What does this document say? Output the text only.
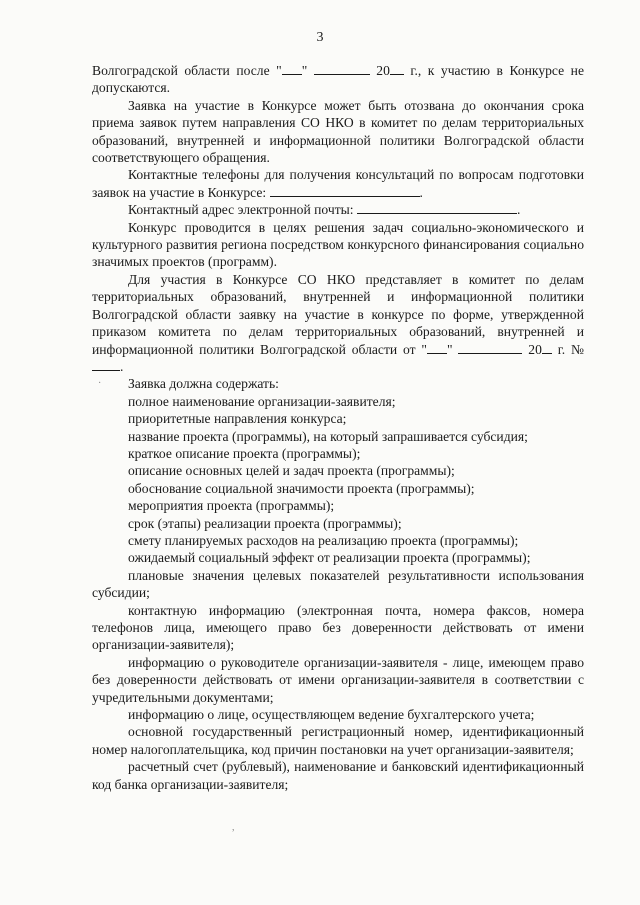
3

Волгоградской области после " "	20 г., к участию в Конкурсе не допускаются.

Заявка на участие в Конкурсе может быть отозвана до окончания срока приема заявок путем направления СО НКО в комитет по делам территориальных образований, внутренней и информационной политики Волгоградской области соответствующего обращения.

Контактные телефоны для получения консультаций по вопросам подготовки заявок на участие в Конкурсе:	.

Контактный адрес электронной почты:	.

Конкурс проводится в целях решения задач социально-экономического и культурного развития региона посредством конкурсного финансирования социально значимых проектов (программ).

Для участия в Конкурсе СО НКО представляет в комитет по делам территориальных образований, внутренней и информационной политики Волгоградской области заявку на участие в конкурсе по форме, утвержденной приказом комитета по делам территориальных образований, внутренней и информационной политики Волгоградской области от " "	20 г. № .

Заявка должна содержать:

полное наименование организации-заявителя;

приоритетные направления конкурса;

название проекта (программы), на который запрашивается субсидия;

краткое описание проекта (программы);

описание основных целей и задач проекта (программы);

обоснование социальной значимости проекта (программы);

мероприятия проекта (программы);

срок (этапы) реализации проекта (программы);

смету планируемых расходов на реализацию проекта (программы);

ожидаемый социальный эффект от реализации проекта (программы);

плановые значения целевых показателей результативности использования субсидии;

контактную информацию (электронная почта, номера факсов, номера телефонов лица, имеющего право без доверенности действовать от имени организации-заявителя);

информацию о руководителе организации-заявителя - лице, имеющем право без доверенности действовать от имени организации-заявителя в соответствии с учредительными документами;

информацию о лице, осуществляющем ведение бухгалтерского учета;

основной государственный регистрационный номер, идентификационный номер налогоплательщика, код причин постановки на учет организации-заявителя;

расчетный счет (рублевый), наименование и банковский идентификационный код банка организации-заявителя;

·
,
